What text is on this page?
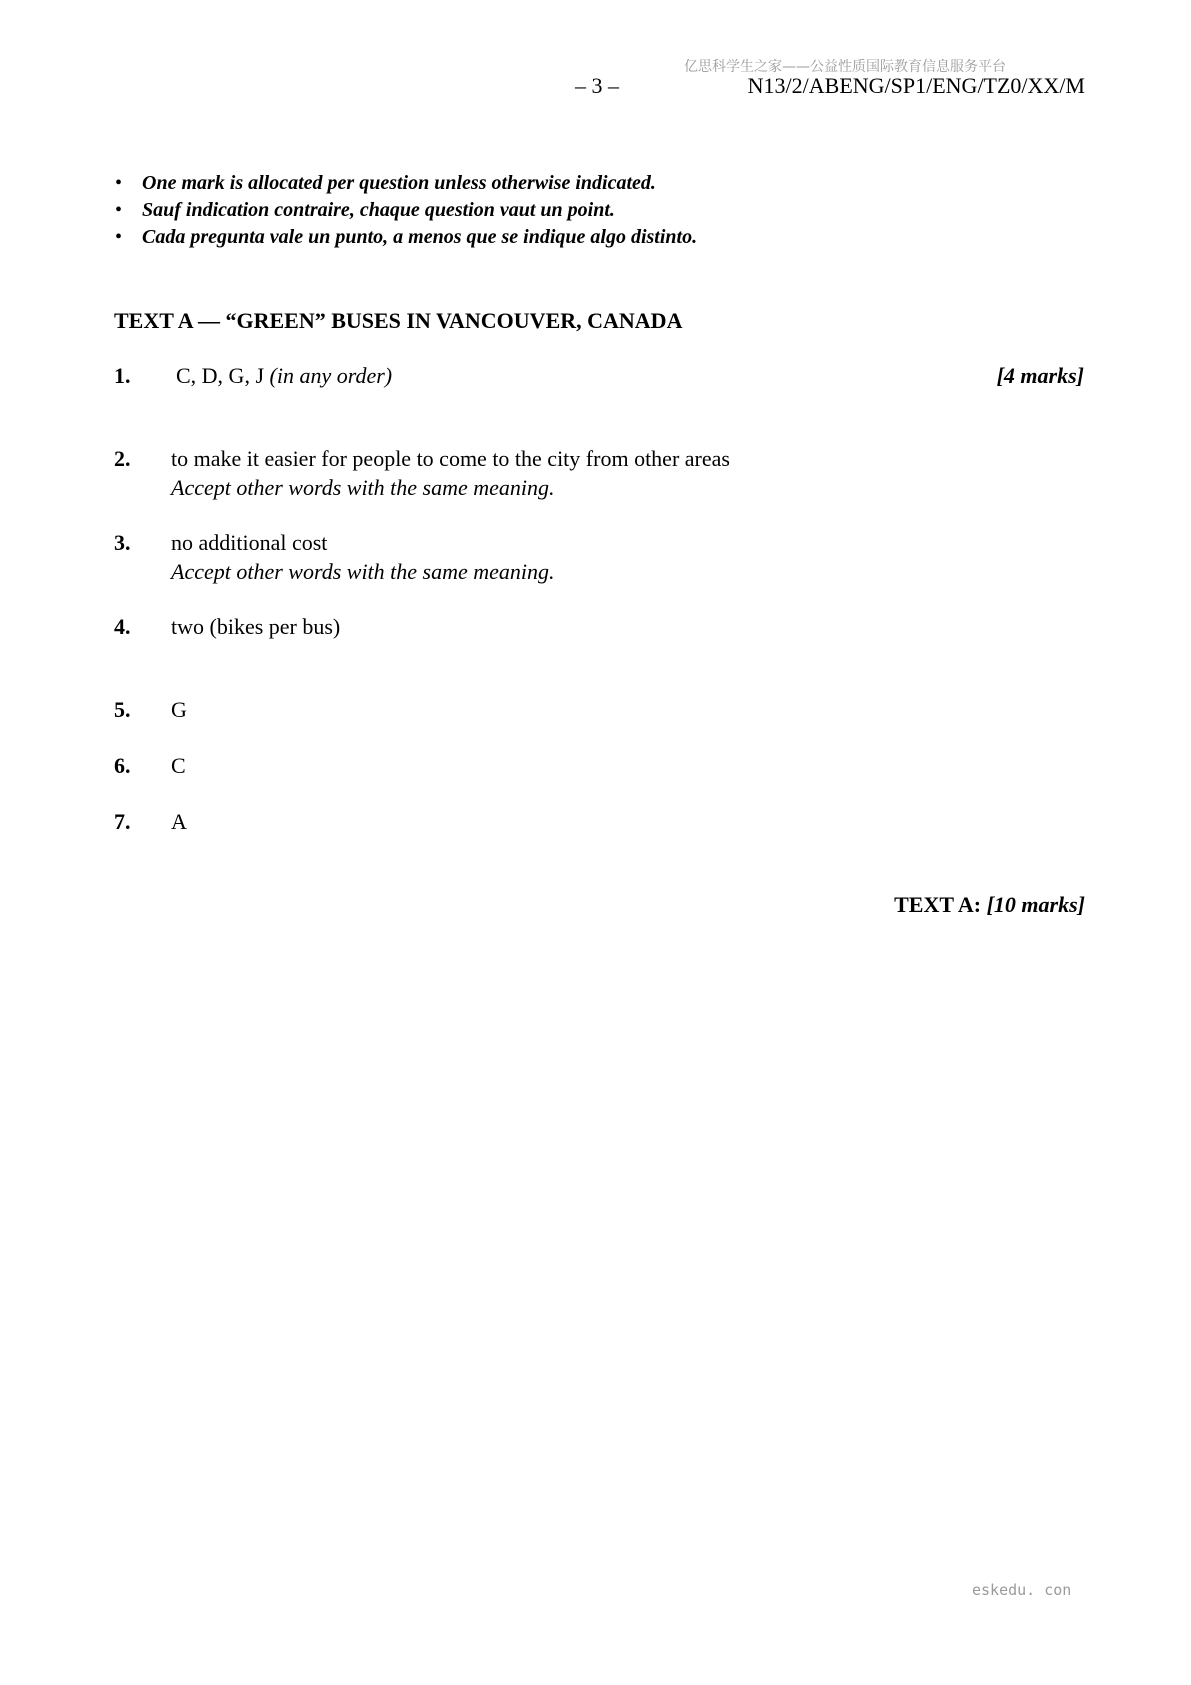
亿思科学生之家——公益性质国际教育信息服务平台
– 3 –	N13/2/ABENG/SP1/ENG/TZ0/XX/M
• One mark is allocated per question unless otherwise indicated.
• Sauf indication contraire, chaque question vaut un point.
• Cada pregunta vale un punto, a menos que se indique algo distinto.
TEXT A — “GREEN” BUSES IN VANCOUVER, CANADA
1. C, D, G, J (in any order)	[4 marks]
2. to make it easier for people to come to the city from other areas
Accept other words with the same meaning.
3. no additional cost
Accept other words with the same meaning.
4. two (bikes per bus)
5. G
6. C
7. A
TEXT A: [10 marks]
eskedu. con
